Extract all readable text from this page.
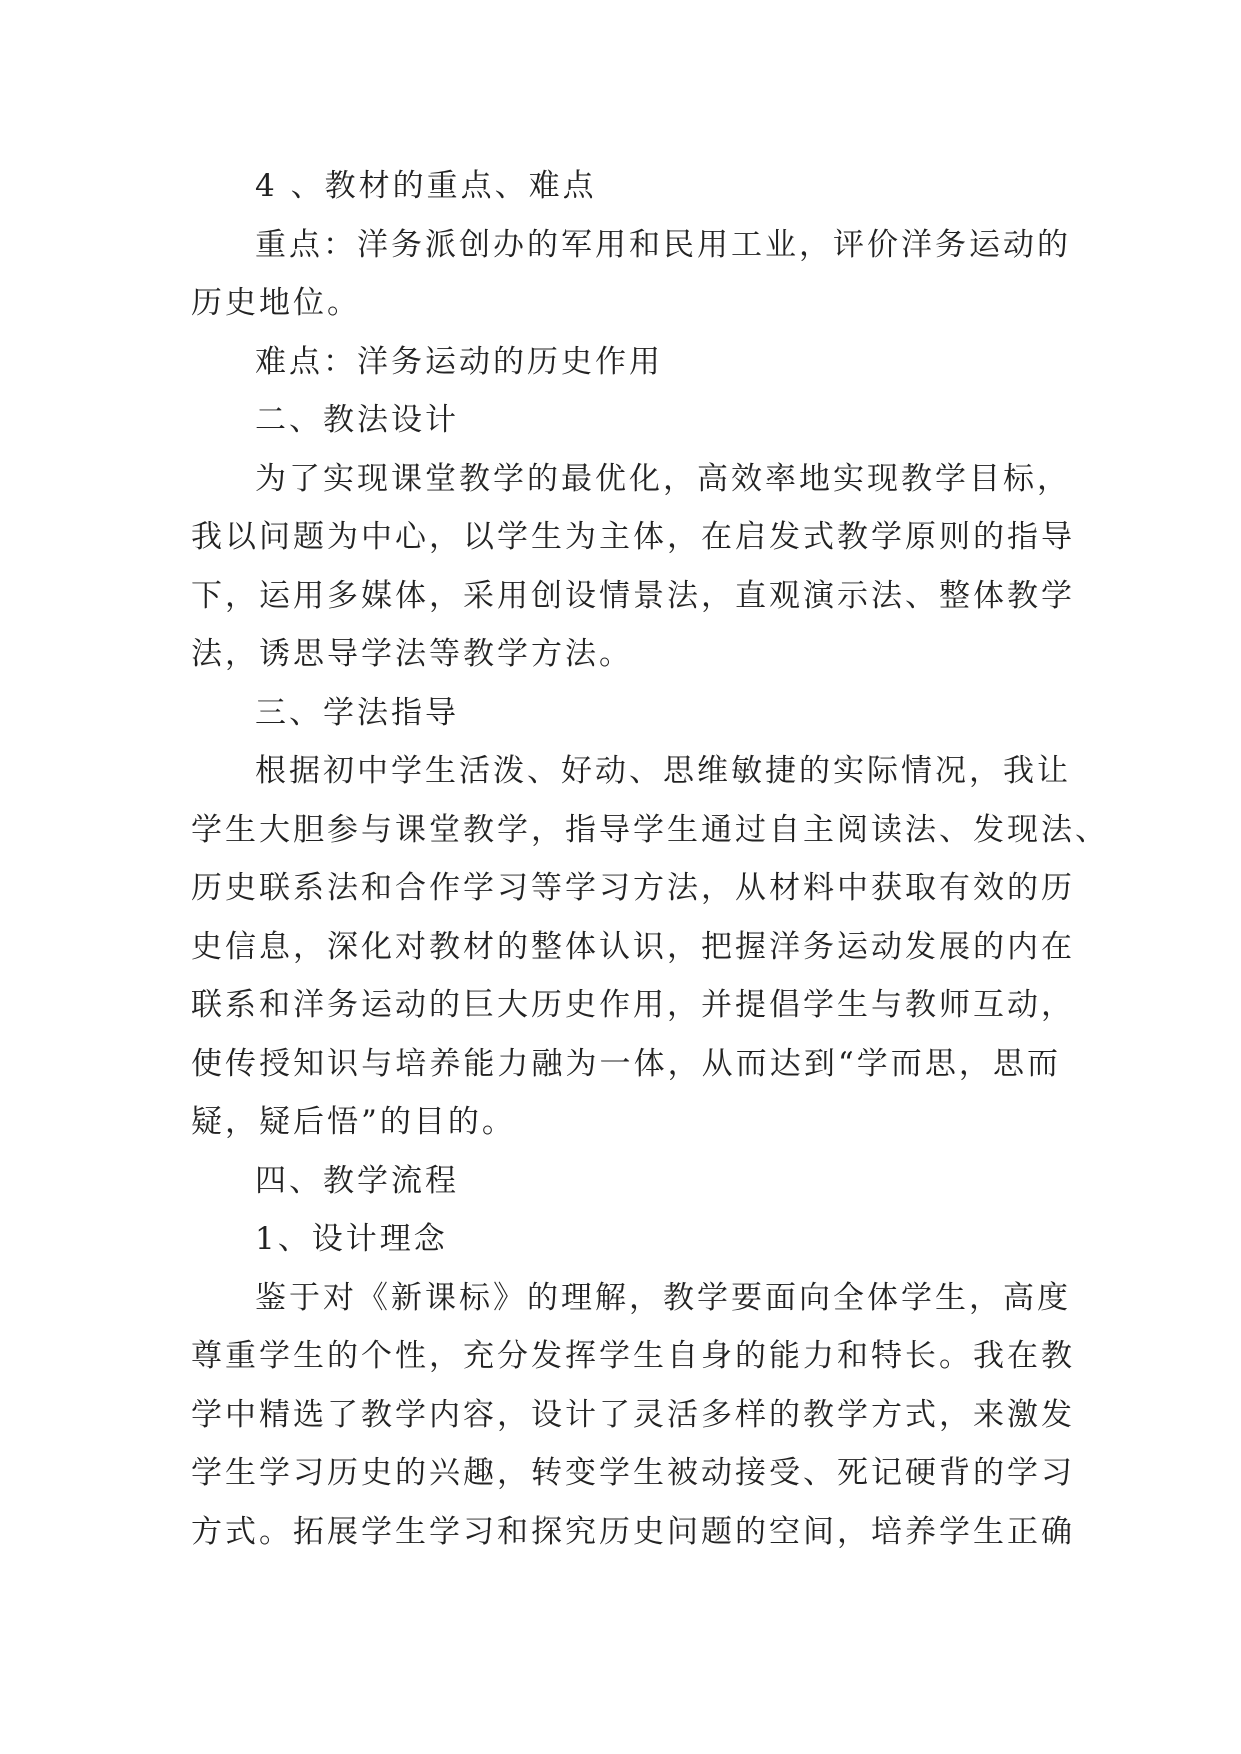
4 、教材的重点、难点
重点：洋务派创办的军用和民用工业，评价洋务运动的
历史地位。
难点：洋务运动的历史作用
二、教法设计
为了实现课堂教学的最优化，高效率地实现教学目标，
我以问题为中心，以学生为主体，在启发式教学原则的指导
下，运用多媒体，采用创设情景法，直观演示法、整体教学
法，诱思导学法等教学方法。
三、学法指导
根据初中学生活泼、好动、思维敏捷的实际情况，我让
学生大胆参与课堂教学，指导学生通过自主阅读法、发现法、
历史联系法和合作学习等学习方法，从材料中获取有效的历
史信息，深化对教材的整体认识，把握洋务运动发展的内在
联系和洋务运动的巨大历史作用，并提倡学生与教师互动，
使传授知识与培养能力融为一体，从而达到“学而思，思而
疑，疑后悟”的目的。
四、教学流程
1、设计理念
鉴于对《新课标》的理解，教学要面向全体学生，高度
尊重学生的个性，充分发挥学生自身的能力和特长。我在教
学中精选了教学内容，设计了灵活多样的教学方式，来激发
学生学习历史的兴趣，转变学生被动接受、死记硬背的学习
方式。拓展学生学习和探究历史问题的空间，培养学生正确
